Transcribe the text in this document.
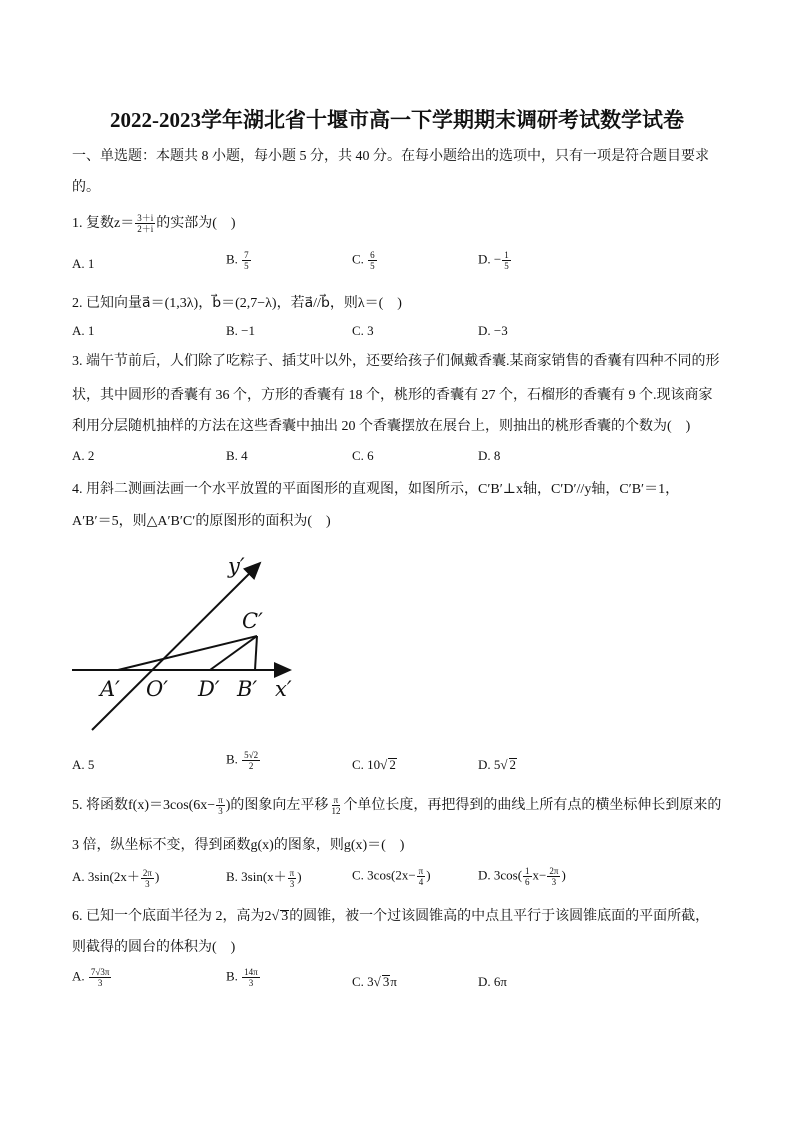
2022-2023学年湖北省十堰市高一下学期期末调研考试数学试卷
一、单选题：本题共 8 小题，每小题 5 分，共 40 分。在每小题给出的选项中，只有一项是符合题目要求
的。
1. 复数$z= \frac{3+i}{2+i}$ 的实部为(　)
A. 1	B. $\frac{7}{5}$	C. $\frac{6}{5}$	D. − $\frac{1}{5}$
2. 已知向量a⃗＝(1,3λ)，b⃗＝(2,7−λ)，若a⃗//b⃗，则λ＝(　)
A. 1	B. −1	C. 3	D. −3
3. 端午节前后，人们除了吃粽子、插艾叶以外，还要给孩子们佩戴香囊.某商家销售的香囊有四种不同的形
状，其中圆形的香囊有 36 个，方形的香囊有 18 个，桃形的香囊有 27 个，石榴形的香囊有 9 个.现该商家
利用分层随机抽样的方法在这些香囊中抽出 20 个香囊摆放在展台上，则抽出的桃形香囊的个数为(　)
A. 2	B. 4	C. 6	D. 8
4. 用斜二测画法画一个水平放置的平面图形的直观图，如图所示，C′B′⊥x轴，C′D′//y轴，C′B′＝1，
A′B′＝5，则△A′B′C′的原图形的面积为(　)
y′
C′
A′ O′ D′ B′ x′
A. 5	B. $\frac{5√2}{2}$	C. 10 √ 2	D. 5 √ 2
5. 将函数$f(x)=3\cos(6x- \frac{\pi}{3}$ )的图象向左平移 $\frac{\pi}{12}$ 个单位长度，再把得到的曲线上所有点的横坐标伸长到原来的
3 倍，纵坐标不变，得到函数g(x)的图象，则g(x)＝(　)
A. $3\sin(2x+ \frac{2\pi}{3}$ )	B. $3\sin(x+ \frac{\pi}{3}$ )	C. $3\cos(2x- \frac{\pi}{4}$ )	D. $3\cos( \frac{1}{6} x- \frac{2\pi}{3}$ )
6. 已知一个底面半径为 2，高为2 √ 3的圆锥，被一个过该圆锥高的中点且平行于该圆锥底面的平面所截，
则截得的圆台的体积为(　)
A. $\frac{7√3\pi}{3}$	B. $\frac{14\pi}{3}$	C. 3 √ 3π	D. 6π
